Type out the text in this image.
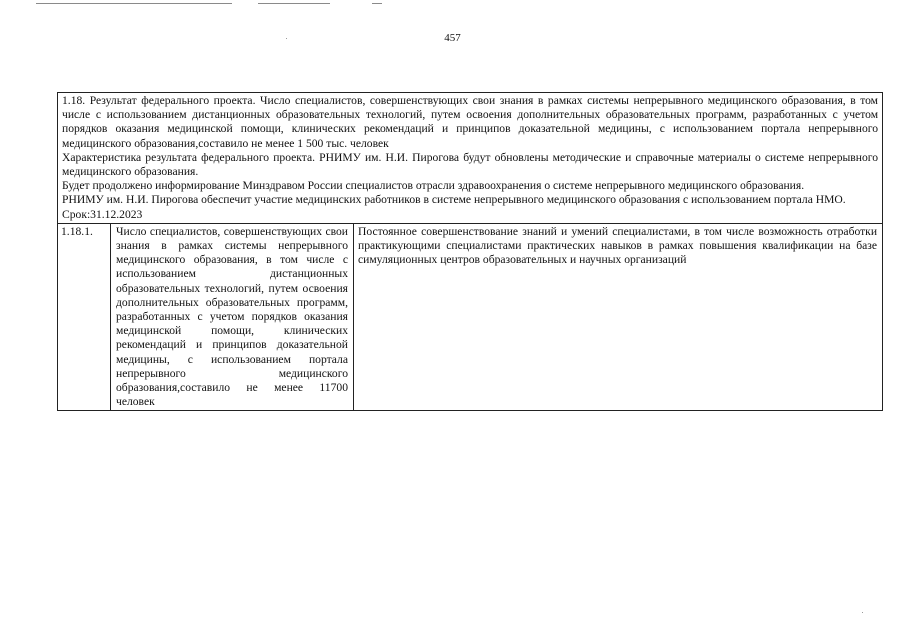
457

1.18. Результат федерального проекта. Число специалистов, совершенствующих свои знания в рамках системы непрерывного медицинского образования, в том числе с использованием дистанционных образовательных технологий, путем освоения дополнительных образовательных программ, разработанных с учетом порядков оказания медицинской помощи, клинических рекомендаций и принципов доказательной медицины, с использованием портала непрерывного медицинского образования,составило не менее 1 500 тыс. человек

Характеристика результата федерального проекта. РНИМУ им. Н.И. Пирогова будут обновлены методические и справочные материалы о системе непрерывного медицинского образования.

Будет продолжено информирование Минздравом России специалистов отрасли здравоохранения о системе непрерывного медицинского образования.

РНИМУ им. Н.И. Пирогова обеспечит участие медицинских работников в системе непрерывного медицинского образования с использованием портала НМО.

Срок:31.12.2023

1.18.1.	Число специалистов, совершенствующих свои знания в рамках системы непрерывного медицинского образования, в том числе с использованием дистанционных образовательных технологий, путем освоения дополнительных образовательных программ, разработанных с учетом порядков оказания медицинской помощи, клинических рекомендаций и принципов доказательной медицины, с использованием портала непрерывного медицинского образования,составило не менее 11700 человек	Постоянное совершенствование знаний и умений специалистами, в том числе возможность отработки практикующими специалистами практических навыков в рамках повышения квалификации на базе симуляционных центров образовательных и научных организаций
